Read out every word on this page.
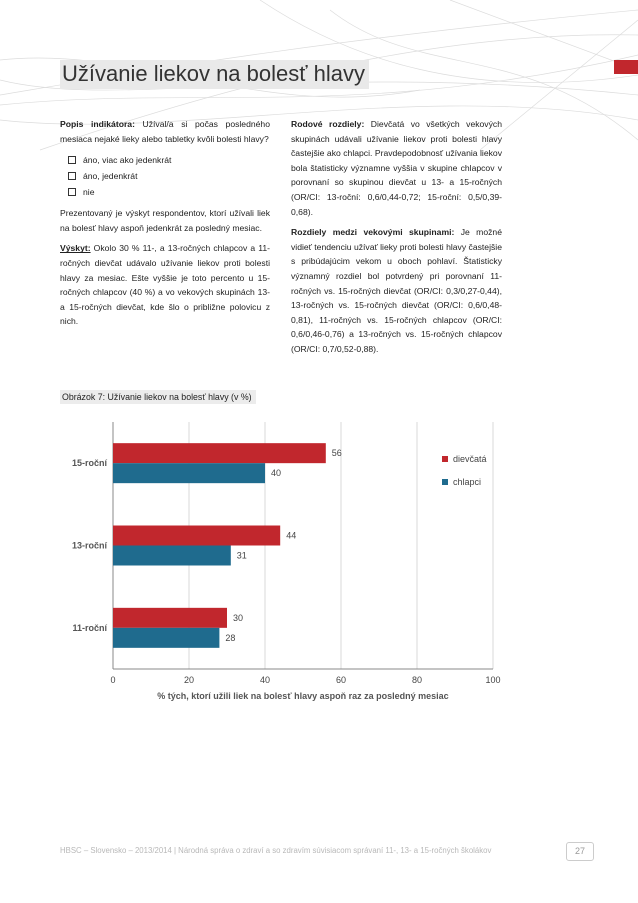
Užívanie liekov na bolesť hlavy

Popis indikátora: Užíval/a si počas posledného mesiaca nejaké lieky alebo tabletky kvôli bolesti hlavy?

áno, viac ako jedenkrát
áno, jedenkrát
nie

Prezentovaný je výskyt respondentov, ktorí užívali liek na bolesť hlavy aspoň jedenkrát za posledný mesiac.

Výskyt: Okolo 30 % 11-, a 13-ročných chlapcov a 11-ročných dievčat udávalo užívanie liekov proti bolesti hlavy za mesiac. Ešte vyššie je toto percento u 15-ročných chlapcov (40 %) a vo vekových skupinách 13- a 15-ročných dievčat, kde šlo o približne polovicu z nich.

Rodové rozdiely: Dievčatá vo všetkých vekových skupinách udávali užívanie liekov proti bolesti hlavy častejšie ako chlapci. Pravdepodobnosť užívania liekov bola štatisticky významne vyššia v skupine chlapcov v porovnaní so skupinou dievčat u 13- a 15-ročných (OR/CI: 13-roční: 0,6/0,44-0,72; 15-roční: 0,5/0,39-0,68).

Rozdiely medzi vekovými skupinami: Je možné vidieť tendenciu užívať lieky proti bolesti hlavy častejšie s pribúdajúcim vekom u oboch pohlaví. Štatisticky významný rozdiel bol potvrdený pri porovnaní 11-ročných vs. 15-ročných dievčat (OR/CI: 0,3/0,27-0,44), 13-ročných vs. 15-ročných dievčat (OR/CI: 0,6/0,48-0,81), 11-ročných vs. 15-ročných chlapcov (OR/CI: 0,6/0,46-0,76) a 13-ročných vs. 15-ročných chlapcov (OR/CI: 0,7/0,52-0,88).

Obrázok 7: Užívanie liekov na bolesť hlavy (v %)
0	20	40	60	80	100
15-roční
56
40
13-roční
44
31
11-roční
30
28
dievčatá
chlapci
% tých, ktorí užili liek na bolesť hlavy aspoň raz za posledný mesiac
HBSC – Slovensko – 2013/2014 | Národná správa o zdraví a so zdravím súvisiacom správaní 11-, 13- a 15-ročných školákov	27
